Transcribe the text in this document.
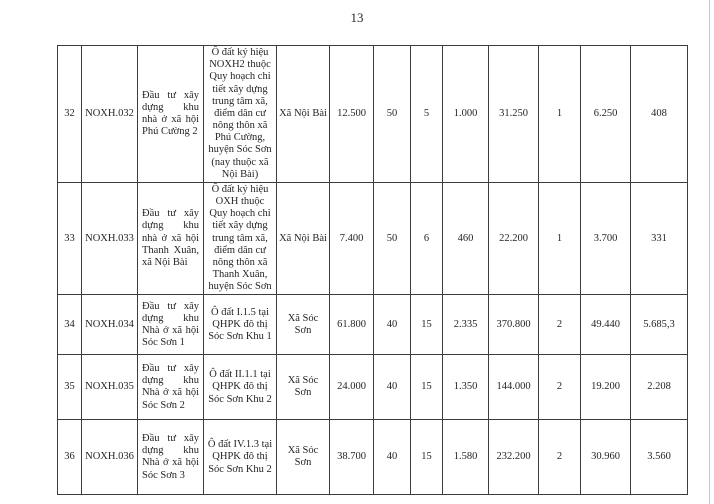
13
32	NOXH.032	Đầu tư xây dựng khu nhà ở xã hội Phú Cường 2	Ô đất ký hiệu NOXH2 thuộc Quy hoạch chi tiết xây dựng trung tâm xã, điểm dân cư nông thôn xã Phú Cường, huyện Sóc Sơn (nay thuộc xã Nội Bài)	Xã Nội Bài	12.500	50	5	1.000	31.250	1	6.250	408
33	NOXH.033	Đầu tư xây dựng khu nhà ở xã hội Thanh Xuân, xã Nội Bài	Ô đất ký hiệu OXH thuộc Quy hoạch chi tiết xây dựng trung tâm xã, điểm dân cư nông thôn xã Thanh Xuân, huyện Sóc Sơn	Xã Nội Bài	7.400	50	6	460	22.200	1	3.700	331
34	NOXH.034	Đầu tư xây dựng khu Nhà ở xã hội Sóc Sơn 1	Ô đất I.1.5 tại QHPK đô thị Sóc Sơn Khu 1	Xã Sóc Sơn	61.800	40	15	2.335	370.800	2	49.440	5.685,3
35	NOXH.035	Đầu tư xây dựng khu Nhà ở xã hội Sóc Sơn 2	Ô đất II.1.1 tại QHPK đô thị Sóc Sơn Khu 2	Xã Sóc Sơn	24.000	40	15	1.350	144.000	2	19.200	2.208
36	NOXH.036	Đầu tư xây dựng khu Nhà ở xã hội Sóc Sơn 3	Ô đất IV.1.3 tại QHPK đô thị Sóc Sơn Khu 2	Xã Sóc Sơn	38.700	40	15	1.580	232.200	2	30.960	3.560
